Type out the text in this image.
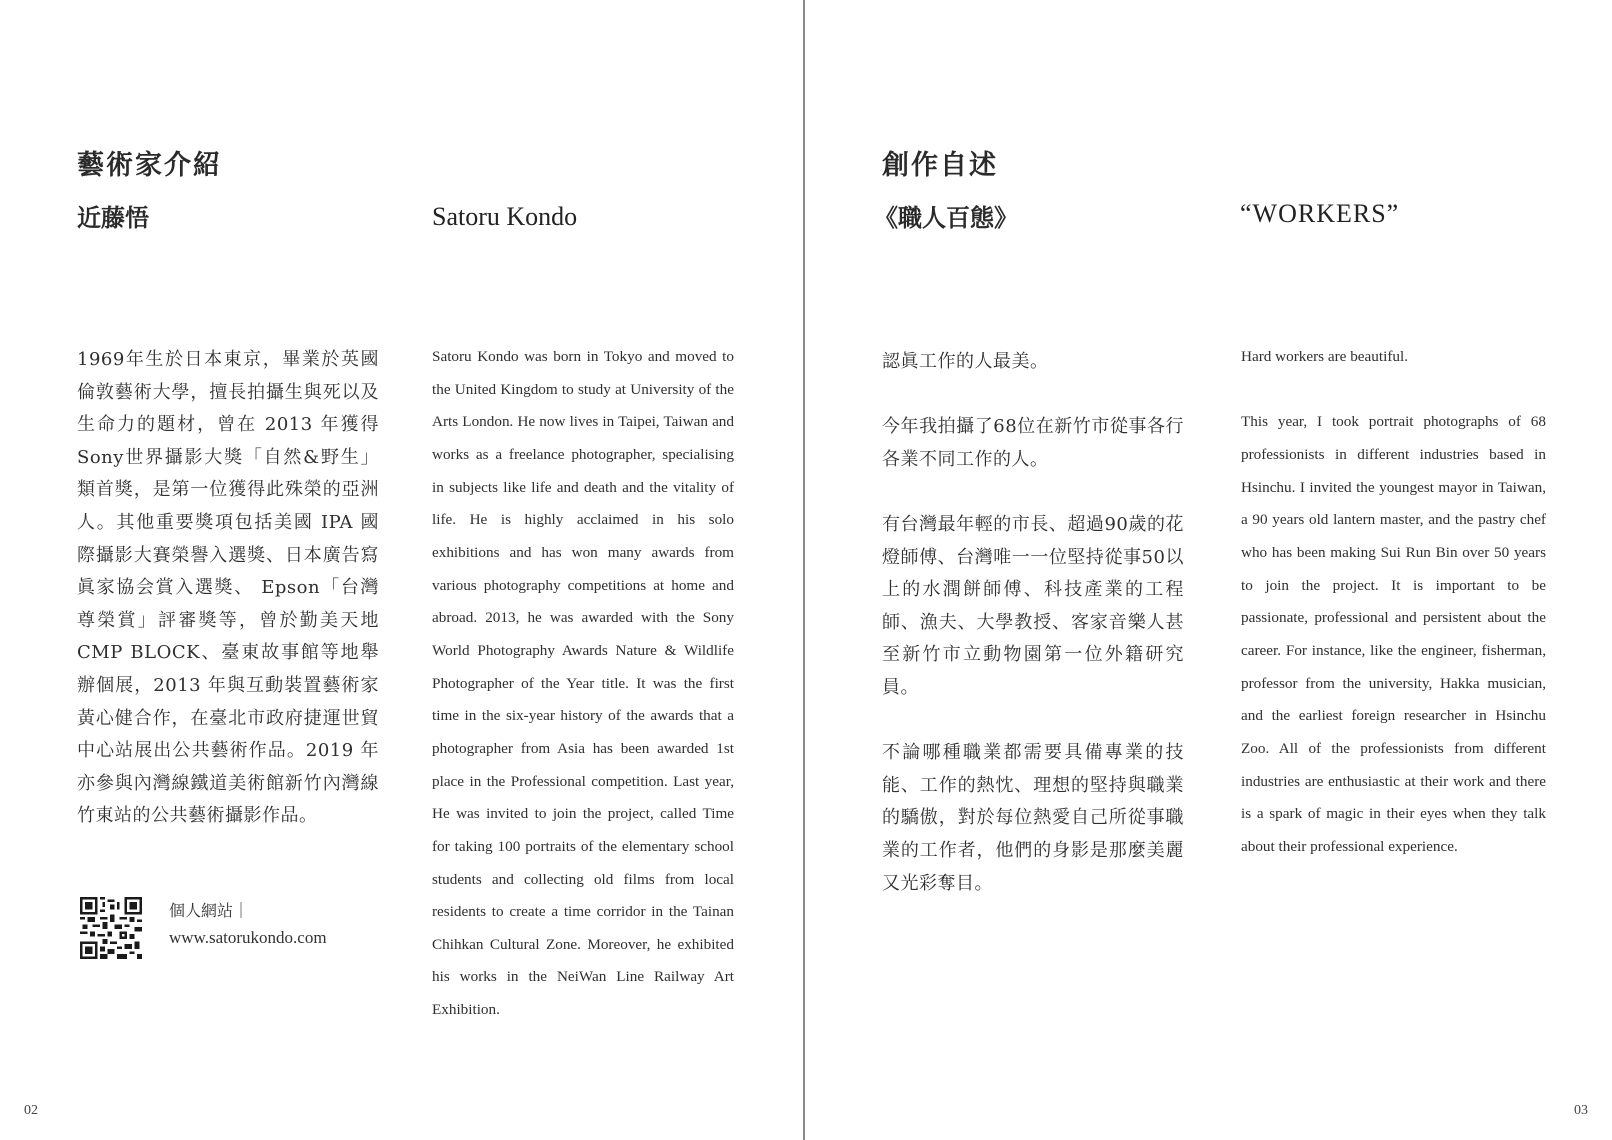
藝術家介紹
近藤悟	Satoru Kondo
1969年生於日本東京，畢業於英國倫敦藝術大學，擅長拍攝生與死以及生命力的題材，曾在 2013 年獲得Sony世界攝影大獎「自然&野生」類首獎，是第一位獲得此殊榮的亞洲人。其他重要獎項包括美國 IPA 國際攝影大賽榮譽入選獎、日本廣告寫眞家協会賞入選獎、 Epson「台灣尊榮賞」評審獎等，曾於勤美天地 CMP BLOCK、臺東故事館等地舉辦個展，2013 年與互動裝置藝術家黃心健合作，在臺北市政府捷運世貿中心站展出公共藝術作品。2019 年亦參與內灣線鐵道美術館新竹內灣線竹東站的公共藝術攝影作品。
Satoru Kondo was born in Tokyo and moved to the United Kingdom to study at University of the Arts London. He now lives in Taipei, Taiwan and works as a freelance photographer, specialising in subjects like life and death and the vitality of life. He is highly acclaimed in his solo exhibitions and has won many awards from various photography competitions at home and abroad. 2013, he was awarded with the Sony World Photography Awards Nature & Wildlife Photographer of the Year title. It was the first time in the six-year history of the awards that a photographer from Asia has been awarded 1st place in the Professional competition. Last year, He was invited to join the project, called Time for taking 100 portraits of the elementary school students and collecting old films from local residents to create a time corridor in the Tainan Chihkan Cultural Zone. Moreover, he exhibited his works in the NeiWan Line Railway Art Exhibition.
個人網站｜
www.satorukondo.com
02
創作自述
《職人百態》	“WORKERS”

認眞工作的人最美。

今年我拍攝了68位在新竹市從事各行各業不同工作的人。

有台灣最年輕的市長、超過90歲的花燈師傅、台灣唯一一位堅持從事50以上的水潤餅師傅、科技產業的工程師、漁夫、大學教授、客家音樂人甚至新竹市立動物園第一位外籍研究員。

不論哪種職業都需要具備專業的技能、工作的熱忱、理想的堅持與職業的驕傲，對於每位熱愛自己所從事職業的工作者，他們的身影是那麼美麗又光彩奪目。

Hard workers are beautiful.

This year, I took portrait photographs of 68 professionists in different industries based in Hsinchu. I invited the youngest mayor in Taiwan, a 90 years old lantern master, and the pastry chef who has been making Sui Run Bin over 50 years to join the project. It is important to be passionate, professional and persistent about the career. For instance, like the engineer, fisherman, professor from the university, Hakka musician, and the earliest foreign researcher in Hsinchu Zoo. All of the professionists from different industries are enthusiastic at their work and there is a spark of magic in their eyes when they talk about their professional experience.

03
